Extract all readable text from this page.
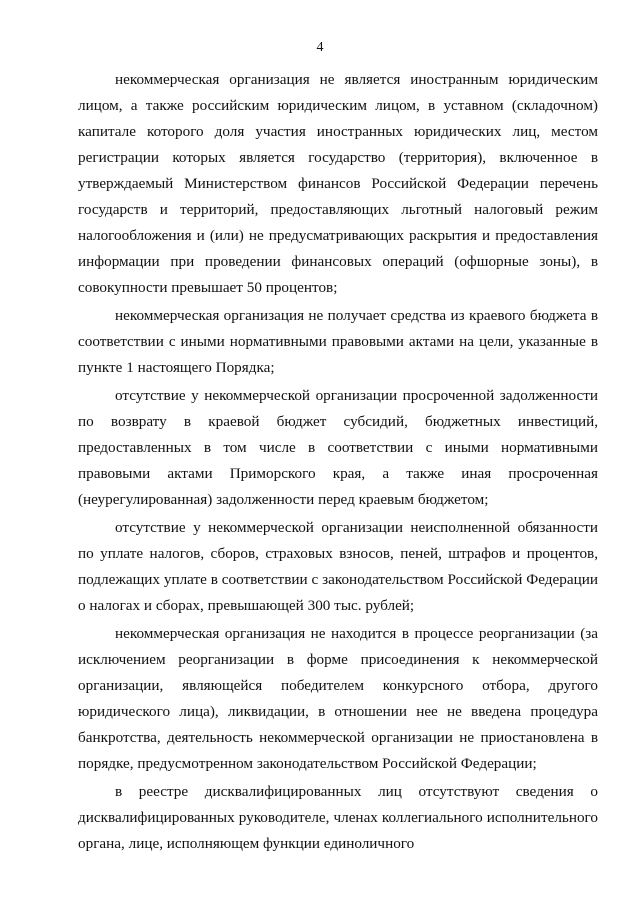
4

некоммерческая организация не является иностранным юридическим лицом, а также российским юридическим лицом, в уставном (складочном) капитале которого доля участия иностранных юридических лиц, местом регистрации которых является государство (территория), включенное в утверждаемый Министерством финансов Российской Федерации перечень государств и территорий, предоставляющих льготный налоговый режим налогообложения и (или) не предусматривающих раскрытия и предоставления информации при проведении финансовых операций (офшорные зоны), в совокупности превышает 50 процентов;

некоммерческая организация не получает средства из краевого бюджета в соответствии с иными нормативными правовыми актами на цели, указанные в пункте 1 настоящего Порядка;

отсутствие у некоммерческой организации просроченной задолженности по возврату в краевой бюджет субсидий, бюджетных инвестиций, предоставленных в том числе в соответствии с иными нормативными правовыми актами Приморского края, а также иная просроченная (неурегулированная) задолженности перед краевым бюджетом;

отсутствие у некоммерческой организации неисполненной обязанности по уплате налогов, сборов, страховых взносов, пеней, штрафов и процентов, подлежащих уплате в соответствии с законодательством Российской Федерации о налогах и сборах, превышающей 300 тыс. рублей;

некоммерческая организация не находится в процессе реорганизации (за исключением реорганизации в форме присоединения к некоммерческой организации, являющейся победителем конкурсного отбора, другого юридического лица), ликвидации, в отношении нее не введена процедура банкротства, деятельность некоммерческой организации не приостановлена в порядке, предусмотренном законодательством Российской Федерации;

в реестре дисквалифицированных лиц отсутствуют сведения о дисквалифицированных руководителе, членах коллегиального исполнительного органа, лице, исполняющем функции единоличного
